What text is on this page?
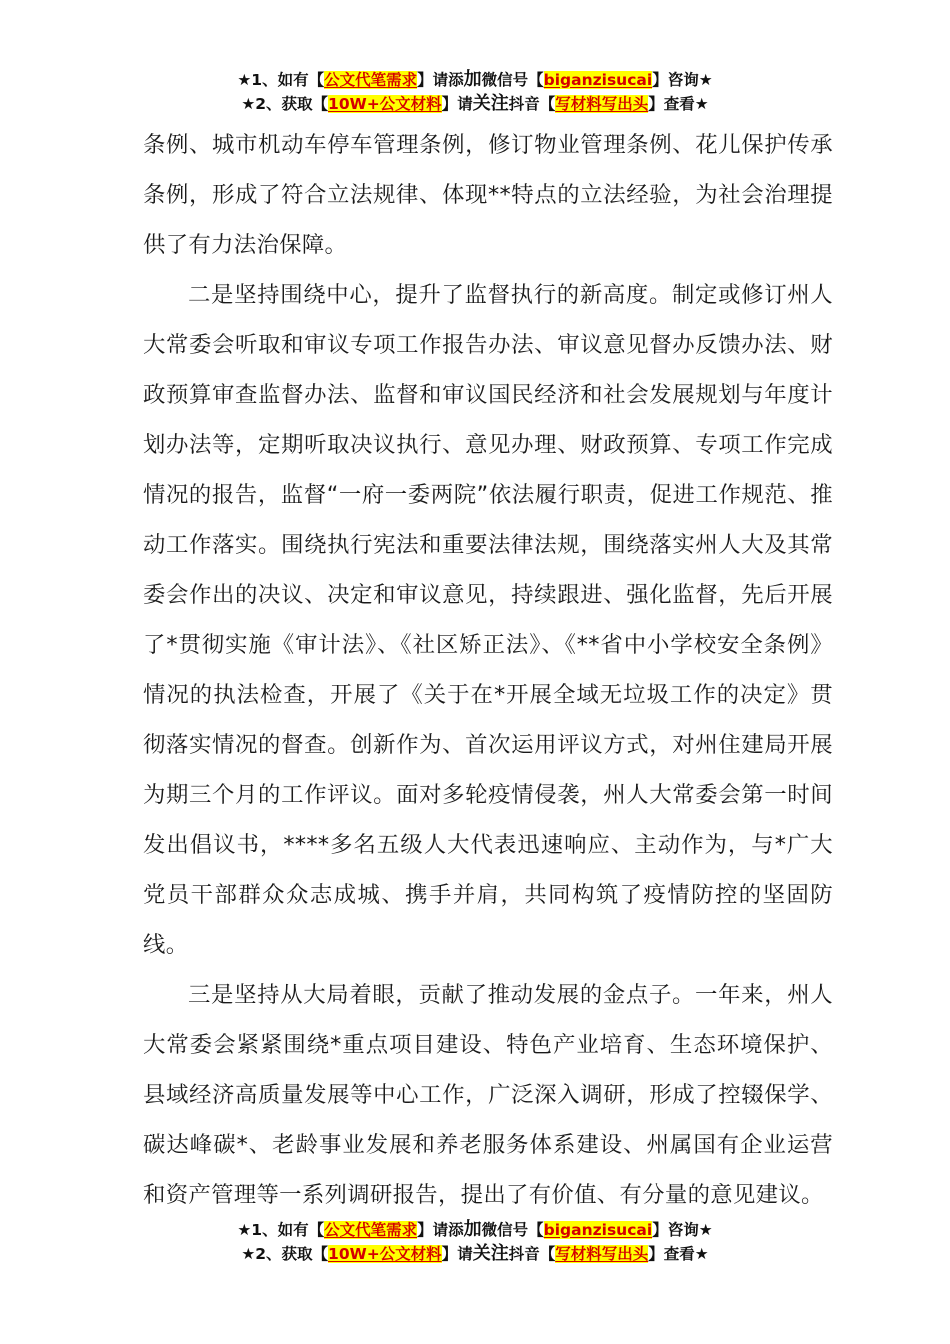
★1、如有【公文代笔需求】请添加微信号【biganzisucai】咨询★
★2、获取【10W+公文材料】请关注抖音【写材料写出头】查看★

条例、城市机动车停车管理条例，修订物业管理条例、花儿保护传承条例，形成了符合立法规律、体现**特点的立法经验，为社会治理提供了有力法治保障。

二是坚持围绕中心，提升了监督执行的新高度。制定或修订州人大常委会听取和审议专项工作报告办法、审议意见督办反馈办法、财政预算审查监督办法、监督和审议国民经济和社会发展规划与年度计划办法等，定期听取决议执行、意见办理、财政预算、专项工作完成情况的报告，监督“一府一委两院”依法履行职责，促进工作规范、推动工作落实。围绕执行宪法和重要法律法规，围绕落实州人大及其常委会作出的决议、决定和审议意见，持续跟进、强化监督，先后开展了*贯彻实施《审计法》、《社区矫正法》、《**省中小学校安全条例》情况的执法检查，开展了《关于在*开展全域无垃圾工作的决定》贯彻落实情况的督查。创新作为、首次运用评议方式，对州住建局开展为期三个月的工作评议。面对多轮疫情侵袭，州人大常委会第一时间发出倡议书，****多名五级人大代表迅速响应、主动作为，与*广大党员干部群众众志成城、携手并肩，共同构筑了疫情防控的坚固防线。

三是坚持从大局着眼，贡献了推动发展的金点子。一年来，州人大常委会紧紧围绕*重点项目建设、特色产业培育、生态环境保护、县域经济高质量发展等中心工作，广泛深入调研，形成了控辍保学、碳达峰碳*、老龄事业发展和养老服务体系建设、州属国有企业运营和资产管理等一系列调研报告，提出了有价值、有分量的意见建议。

★1、如有【公文代笔需求】请添加微信号【biganzisucai】咨询★
★2、获取【10W+公文材料】请关注抖音【写材料写出头】查看★
